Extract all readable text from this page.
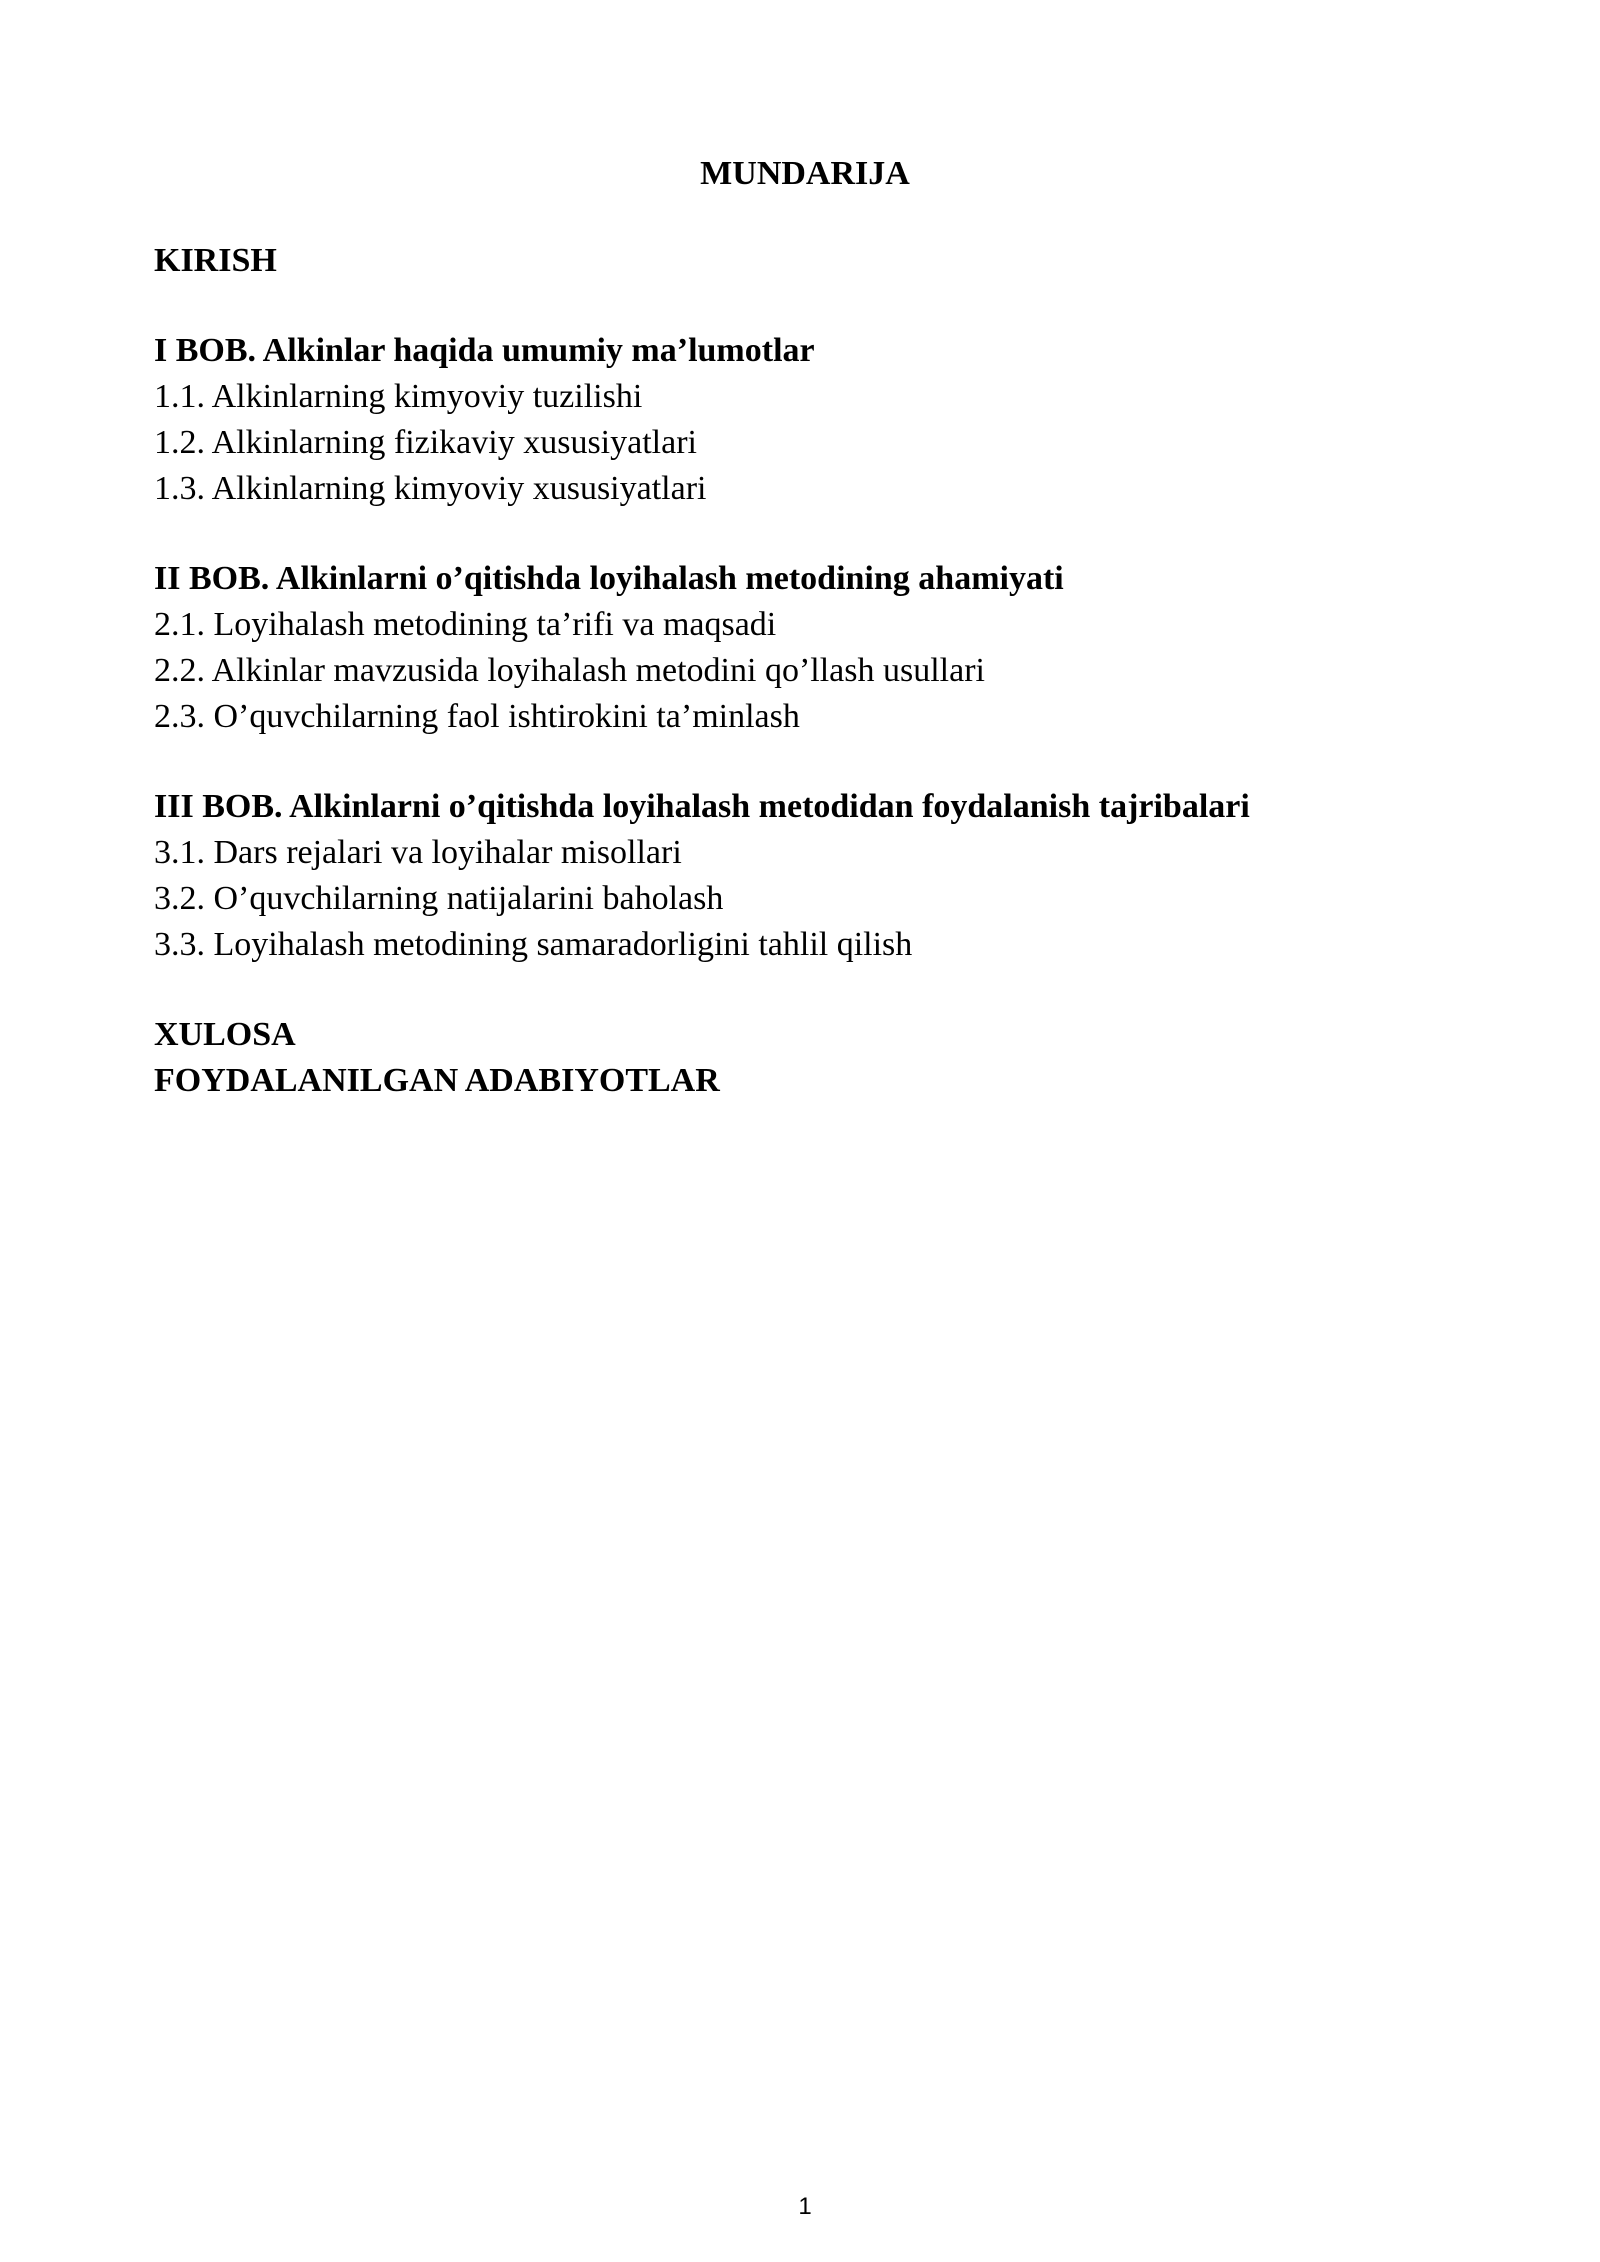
MUNDARIJA
KIRISH
I BOB. Alkinlar haqida umumiy ma’lumotlar
1.1. Alkinlarning kimyoviy tuzilishi
1.2. Alkinlarning fizikaviy xususiyatlari
1.3. Alkinlarning kimyoviy xususiyatlari
II BOB. Alkinlarni o’qitishda loyihalash metodining ahamiyati
2.1. Loyihalash metodining ta’rifi va maqsadi
2.2. Alkinlar mavzusida loyihalash metodini qo’llash usullari
2.3. O’quvchilarning faol ishtirokini ta’minlash
III BOB. Alkinlarni o’qitishda loyihalash metodidan foydalanish tajribalari
3.1. Dars rejalari va loyihalar misollari
3.2. O’quvchilarning natijalarini baholash
3.3. Loyihalash metodining samaradorligini tahlil qilish
XULOSA
FOYDALANILGAN ADABIYOTLAR
1
